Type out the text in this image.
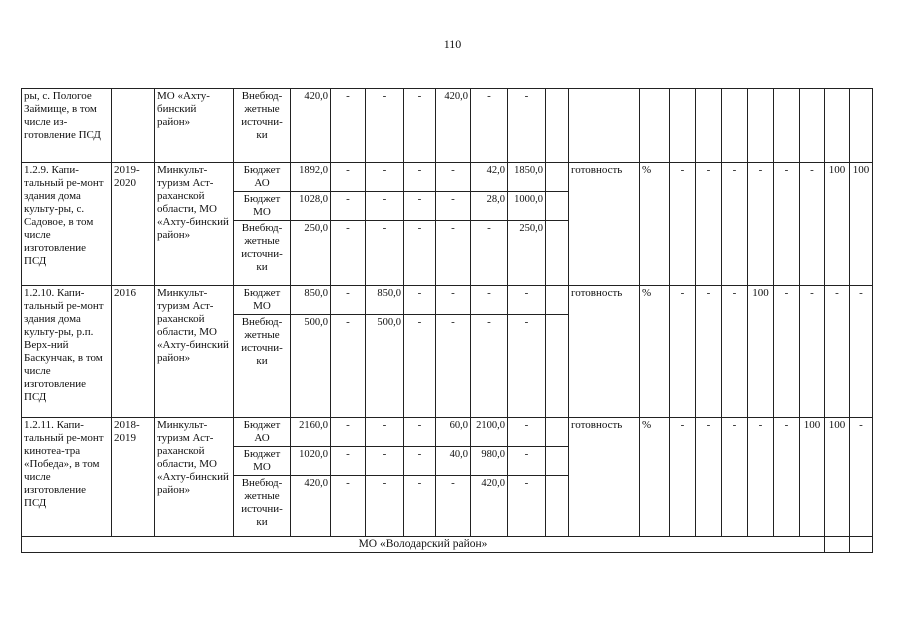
110
ры, с. Пологое Займище, в том числе из-готовление ПСД		МО «Ахту-бинский район»	Внебюд-жетные источни-ки	420,0	-	-	-	420,0	-	-											
1.2.9. Капи-тальный ре-монт здания дома культу-ры, с. Садовое, в том числе изготовление ПСД	2019-2020	Минкульт-туризм Аст-раханской области, МО «Ахту-бинский район»	Бюджет АО	1892,0	-	-	-	-	42,0	1850,0		готовность	%	-	-	-	-	-	-	100	100
			Бюджет МО	1028,0	-	-	-	-	28,0	1000,0											
			Внебюд-жетные источни-ки	250,0	-	-	-	-	-	250,0											
1.2.10. Капи-тальный ре-монт здания дома культу-ры, р.п. Верх-ний Баскунчак, в том числе изготовление ПСД	2016	Минкульт-туризм Аст-раханской области, МО «Ахту-бинский район»	Бюджет МО	850,0	-	850,0	-	-	-	-		готовность	%	-	-	-	100	-	-	-	-
			Внебюд-жетные источни-ки	500,0	-	500,0	-	-	-	-											
1.2.11. Капи-тальный ре-монт кинотеа-тра «Победа», в том числе изготовление ПСД	2018-2019	Минкульт-туризм Аст-раханской области, МО «Ахту-бинский район»	Бюджет АО	2160,0	-	-	-	60,0	2100,0	-		готовность	%	-	-	-	-	-	100	100	-
			Бюджет МО	1020,0	-	-	-	40,0	980,0	-											
			Внебюд-жетные источни-ки	420,0	-	-	-	-	420,0	-											
МО «Володарский район»																					
